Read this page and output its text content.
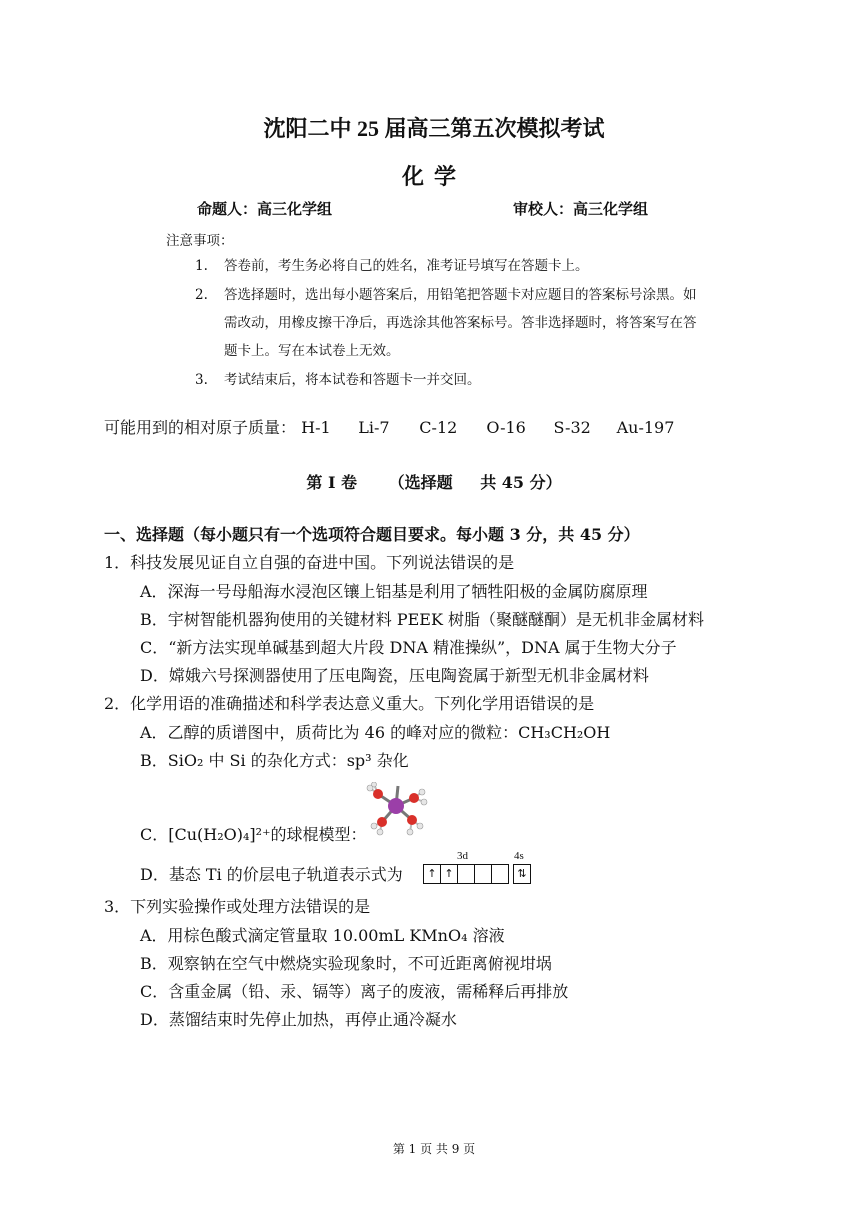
沈阳二中 25 届高三第五次模拟考试
化学
命题人：高三化学组	审校人：高三化学组
注意事项：
1. 答卷前，考生务必将自己的姓名，准考证号填写在答题卡上。
2. 答选择题时，选出每小题答案后，用铅笔把答题卡对应题目的答案标号涂黑。如
需改动，用橡皮擦干净后，再选涂其他答案标号。答非选择题时，将答案写在答
题卡上。写在本试卷上无效。
3. 考试结束后，将本试卷和答题卡一并交回。
可能用到的相对原子质量： H-1 Li-7 C-12 O-16 S-32 Au-197
第 I 卷 （选择题 共 45 分）
一、选择题（每小题只有一个选项符合题目要求。每小题 3 分，共 45 分）
1．科技发展见证自立自强的奋进中国。下列说法错误的是
A．深海一号母船海水浸泡区镶上铝基是利用了牺牲阳极的金属防腐原理
B．宇树智能机器狗使用的关键材料 PEEK 树脂（聚醚醚酮）是无机非金属材料
C．“新方法实现单碱基到超大片段 DNA 精准操纵”，DNA 属于生物大分子
D．嫦娥六号探测器使用了压电陶瓷，压电陶瓷属于新型无机非金属材料
2．化学用语的准确描述和科学表达意义重大。下列化学用语错误的是
A．乙醇的质谱图中，质荷比为 46 的峰对应的微粒：CH₃CH₂OH
B．SiO₂ 中 Si 的杂化方式：sp³ 杂化
C．[Cu(H₂O)₄]²⁺的球棍模型：
3d	4s
D．基态 Ti 的价层电子轨道表示式为	↑ ↑	⇅
3．下列实验操作或处理方法错误的是
A．用棕色酸式滴定管量取 10.00mL KMnO₄ 溶液
B．观察钠在空气中燃烧实验现象时，不可近距离俯视坩埚
C．含重金属（铅、汞、镉等）离子的废液，需稀释后再排放
D．蒸馏结束时先停止加热，再停止通冷凝水
第 1 页 共 9 页
